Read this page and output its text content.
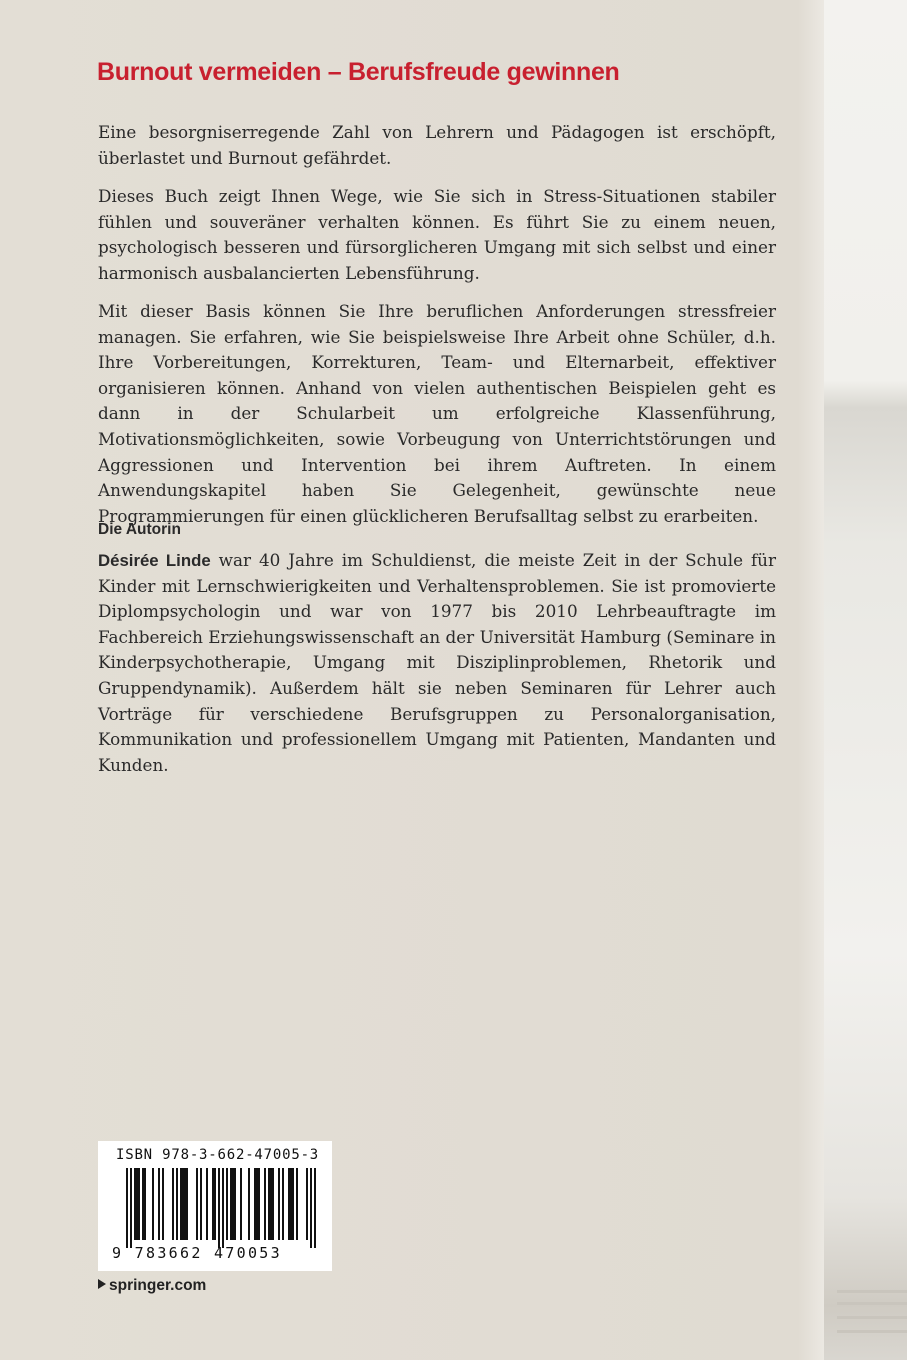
Burnout vermeiden – Berufsfreude gewinnen

Eine besorgniserregende Zahl von Lehrern und Pädagogen ist erschöpft, überlastet und Burnout gefährdet.

Dieses Buch zeigt Ihnen Wege, wie Sie sich in Stress-Situationen stabiler fühlen und souveräner verhalten können. Es führt Sie zu einem neuen, psychologisch besseren und fürsorglicheren Umgang mit sich selbst und einer harmonisch ausbalancierten Lebensführung.

Mit dieser Basis können Sie Ihre beruflichen Anforderungen stressfreier managen. Sie erfahren, wie Sie beispielsweise Ihre Arbeit ohne Schüler, d.h. Ihre Vorbereitungen, Korrekturen, Team- und Elternarbeit, effektiver organisieren können. Anhand von vielen authentischen Beispielen geht es dann in der Schularbeit um erfolgreiche Klassenführung, Motivationsmöglichkeiten, sowie Vorbeugung von Unterrichtstörungen und Aggressionen und Intervention bei ihrem Auftreten. In einem Anwendungskapitel haben Sie Gelegenheit, gewünschte neue Programmierungen für einen glücklicheren Berufsalltag selbst zu erarbeiten.

Die Autorin

Désirée Linde war 40 Jahre im Schuldienst, die meiste Zeit in der Schule für Kinder mit Lernschwierigkeiten und Verhaltensproblemen. Sie ist promovierte Diplompsychologin und war von 1977 bis 2010 Lehrbeauftragte im Fachbereich Erziehungswissenschaft an der Universität Hamburg (Seminare in Kinderpsychotherapie, Umgang mit Disziplinproblemen, Rhetorik und Gruppendynamik). Außerdem hält sie neben Seminaren für Lehrer auch Vorträge für verschiedene Berufsgruppen zu Personalorganisation, Kommunikation und professionellem Umgang mit Patienten, Mandanten und Kunden.

ISBN 978-3-662-47005-3
9 783662 470053
springer.com
